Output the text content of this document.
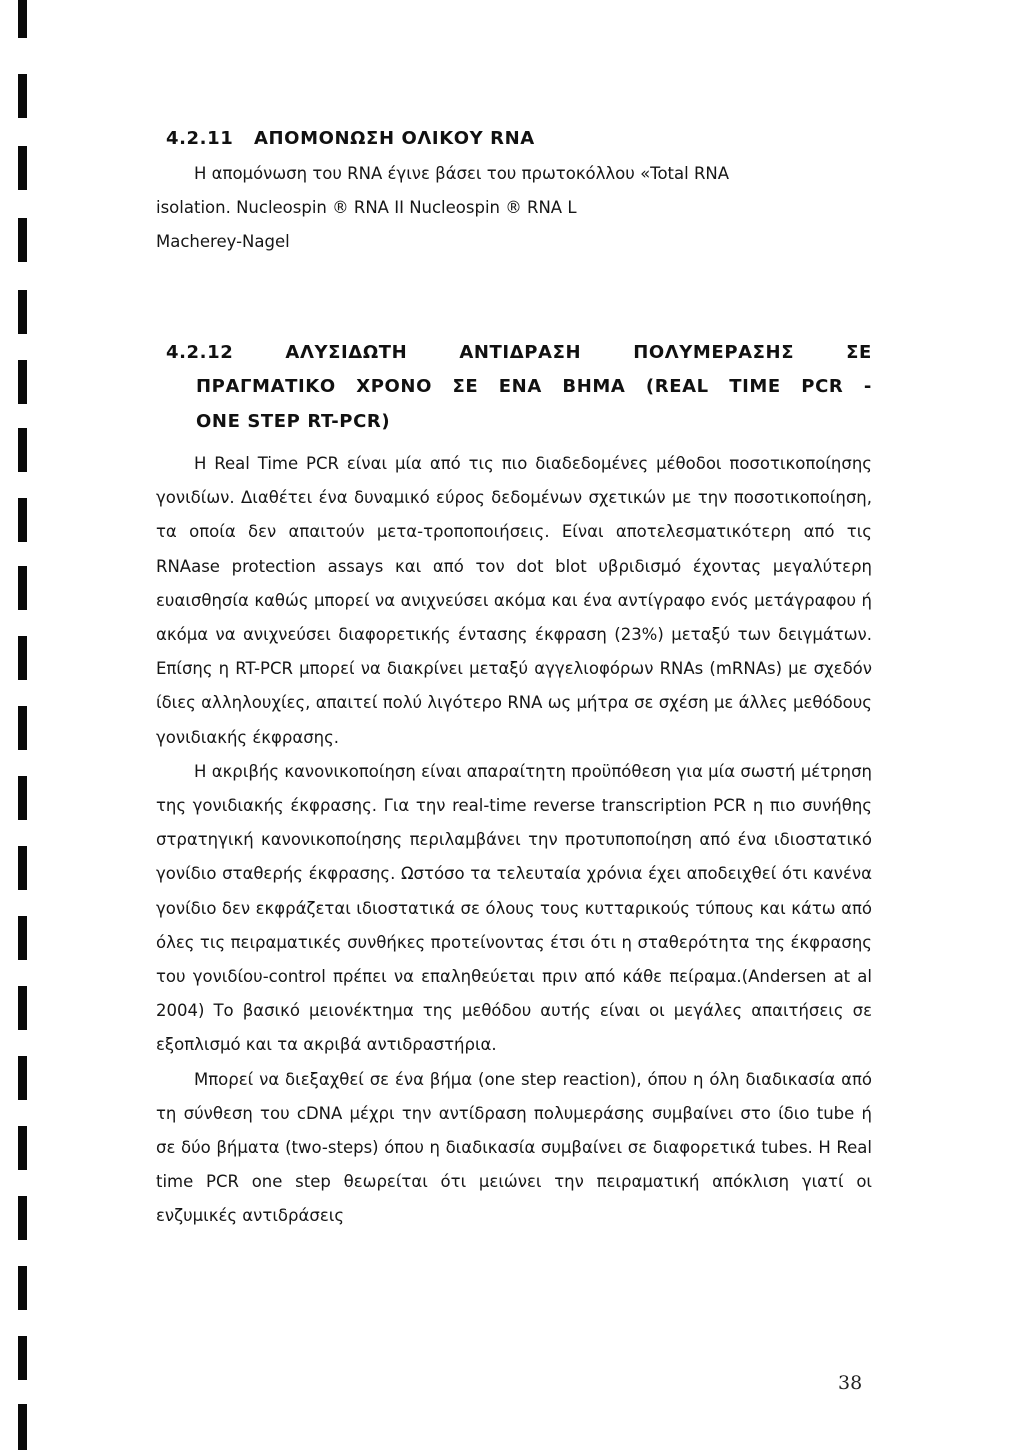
4.2.11 ΑΠΟΜΟΝΩΣΗ ΟΛΙΚΟΥ RNA

Η απομόνωση του RNA έγινε βάσει του πρωτοκόλλου «Total RNA

isolation. Nucleospin ® RNA II Nucleospin ® RNA L

Macherey-Nagel

4.2.12	ΑΛΥΣΙΔΩΤΗ	ΑΝΤΙΔΡΑΣΗ	ΠΟΛΥΜΕΡΑΣΗΣ	ΣΕ
ΠΡΑΓΜΑΤΙΚΟ ΧΡΟΝΟ ΣΕ ΕΝΑ ΒΗΜΑ (REAL TIME PCR -
ONE STEP RT-PCR)

Η Real Time PCR είναι μία από τις πιο διαδεδομένες μέθοδοι ποσοτικοποίησης γονιδίων. Διαθέτει ένα δυναμικό εύρος δεδομένων σχετικών με την ποσοτικοποίηση, τα οποία δεν απαιτούν μετα-τροποποιήσεις. Είναι αποτελεσματικότερη από τις RNAase protection assays και από τον dot blot υβριδισμό έχοντας μεγαλύτερη ευαισθησία καθώς μπορεί να ανιχνεύσει ακόμα και ένα αντίγραφο ενός μετάγραφου ή ακόμα να ανιχνεύσει διαφορετικής έντασης έκφραση (23%) μεταξύ των δειγμάτων. Επίσης η RT-PCR μπορεί να διακρίνει μεταξύ αγγελιοφόρων RNAs (mRNAs) με σχεδόν ίδιες αλληλουχίες, απαιτεί πολύ λιγότερο RNA ως μήτρα σε σχέση με άλλες μεθόδους γονιδιακής έκφρασης.

Η ακριβής κανονικοποίηση είναι απαραίτητη προϋπόθεση για μία σωστή μέτρηση της γονιδιακής έκφρασης. Για την real-time reverse transcription PCR η πιο συνήθης στρατηγική κανονικοποίησης περιλαμβάνει την προτυποποίηση από ένα ιδιοστατικό γονίδιο σταθερής έκφρασης. Ωστόσο τα τελευταία χρόνια έχει αποδειχθεί ότι κανένα γονίδιο δεν εκφράζεται ιδιοστατικά σε όλους τους κυτταρικούς τύπους και κάτω από όλες τις πειραματικές συνθήκες προτείνοντας έτσι ότι η σταθερότητα της έκφρασης του γονιδίου-control πρέπει να επαληθεύεται πριν από κάθε πείραμα.(Andersen at al 2004) Το βασικό μειονέκτημα της μεθόδου αυτής είναι οι μεγάλες απαιτήσεις σε εξοπλισμό και τα ακριβά αντιδραστήρια.

Μπορεί να διεξαχθεί σε ένα βήμα (one step reaction), όπου η όλη διαδικασία από τη σύνθεση του cDNA μέχρι την αντίδραση πολυμεράσης συμβαίνει στο ίδιο tube ή σε δύο βήματα (two-steps) όπου η διαδικασία συμβαίνει σε διαφορετικά tubes. Η Real time PCR one step θεωρείται ότι μειώνει την πειραματική απόκλιση γιατί οι ενζυμικές αντιδράσεις

38
